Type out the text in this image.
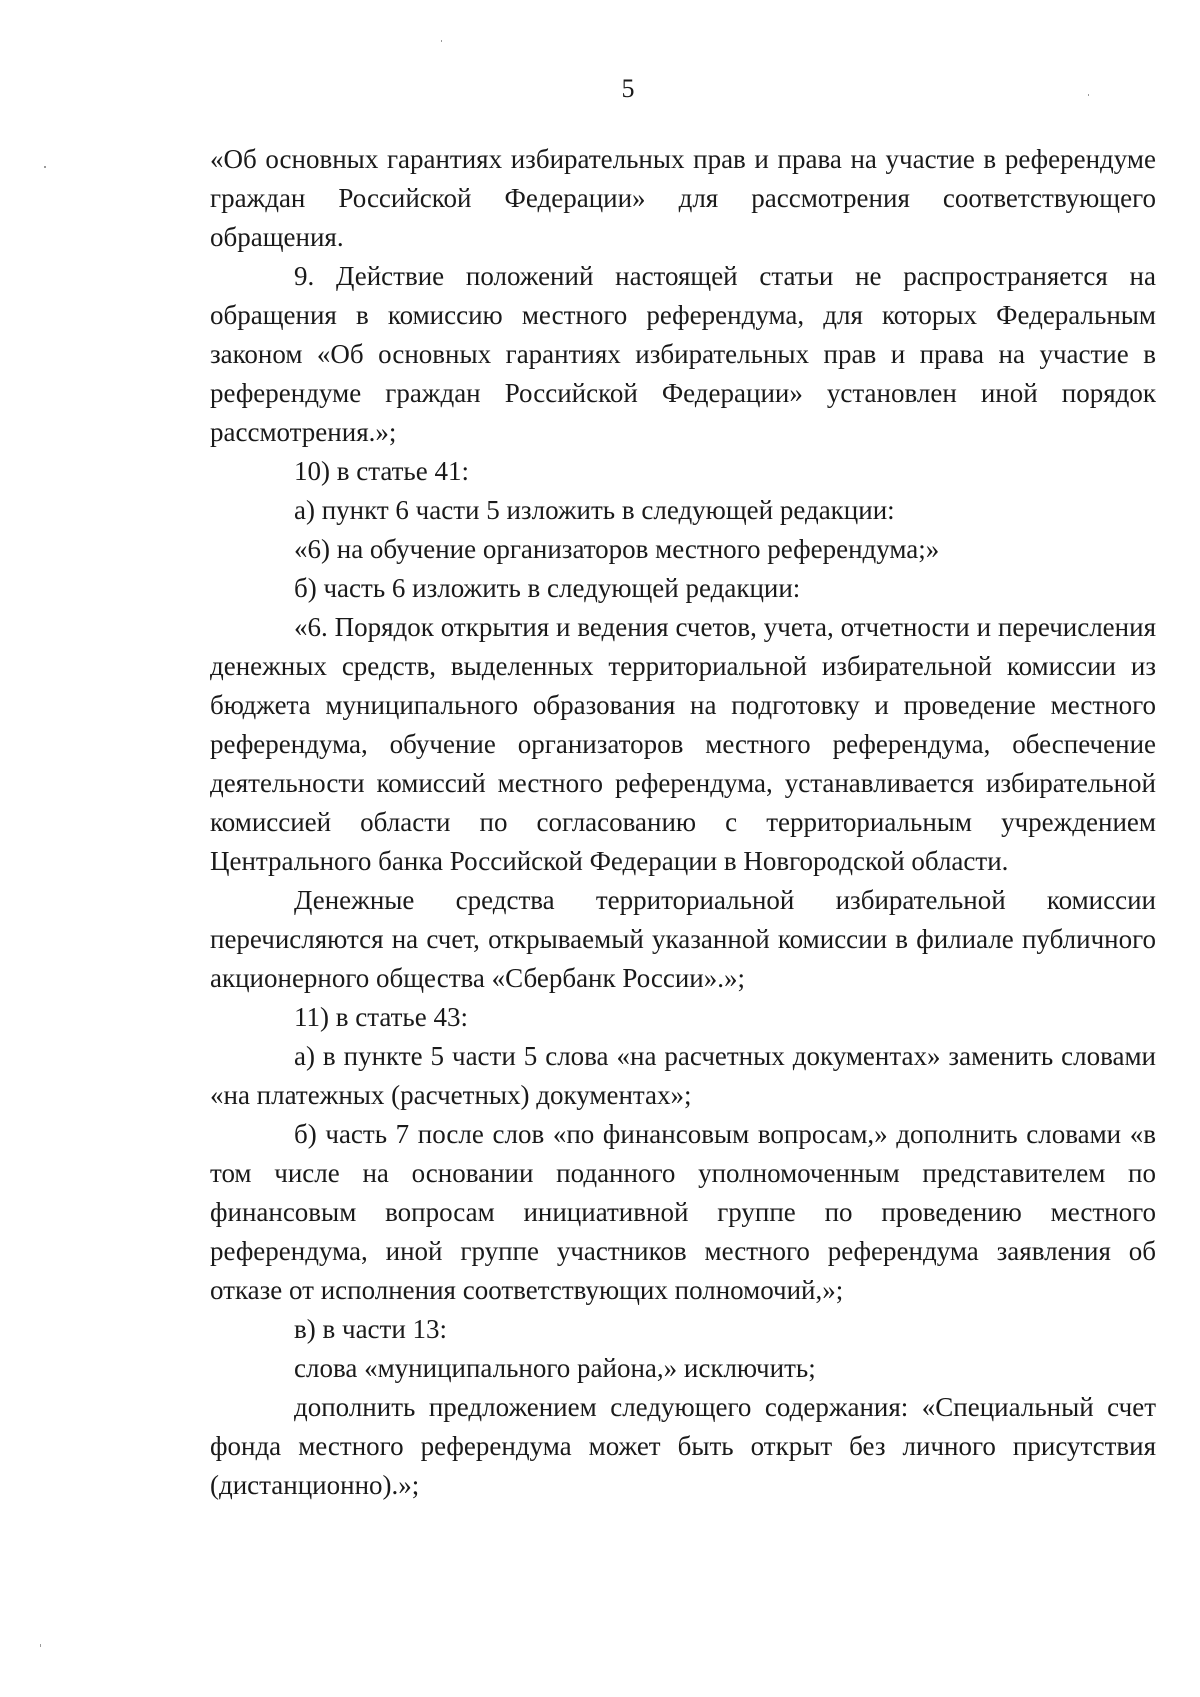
5

«Об основных гарантиях избирательных прав и права на участие в референдуме граждан Российской Федерации» для рассмотрения соответствующего обращения.

9. Действие положений настоящей статьи не распространяется на обращения в комиссию местного референдума, для которых Федеральным законом «Об основных гарантиях избирательных прав и права на участие в референдуме граждан Российской Федерации» установлен иной порядок рассмотрения.»;

10) в статье 41:

а) пункт 6 части 5 изложить в следующей редакции:

«6) на обучение организаторов местного референдума;»

б) часть 6 изложить в следующей редакции:

«6. Порядок открытия и ведения счетов, учета, отчетности и перечисления денежных средств, выделенных территориальной избирательной комиссии из бюджета муниципального образования на подготовку и проведение местного референдума, обучение организаторов местного референдума, обеспечение деятельности комиссий местного референдума, устанавливается избирательной комиссией области по согласованию с территориальным учреждением Центрального банка Российской Федерации в Новгородской области.

Денежные средства территориальной избирательной комиссии перечисляются на счет, открываемый указанной комиссии в филиале публичного акционерного общества «Сбербанк России».»;

11) в статье 43:

а) в пункте 5 части 5 слова «на расчетных документах» заменить словами «на платежных (расчетных) документах»;

б) часть 7 после слов «по финансовым вопросам,» дополнить словами «в том числе на основании поданного уполномоченным представителем по финансовым вопросам инициативной группе по проведению местного референдума, иной группе участников местного референдума заявления об отказе от исполнения соответствующих полномочий,»;

в) в части 13:

слова «муниципального района,» исключить;

дополнить предложением следующего содержания: «Специальный счет фонда местного референдума может быть открыт без личного присутствия (дистанционно).»;
